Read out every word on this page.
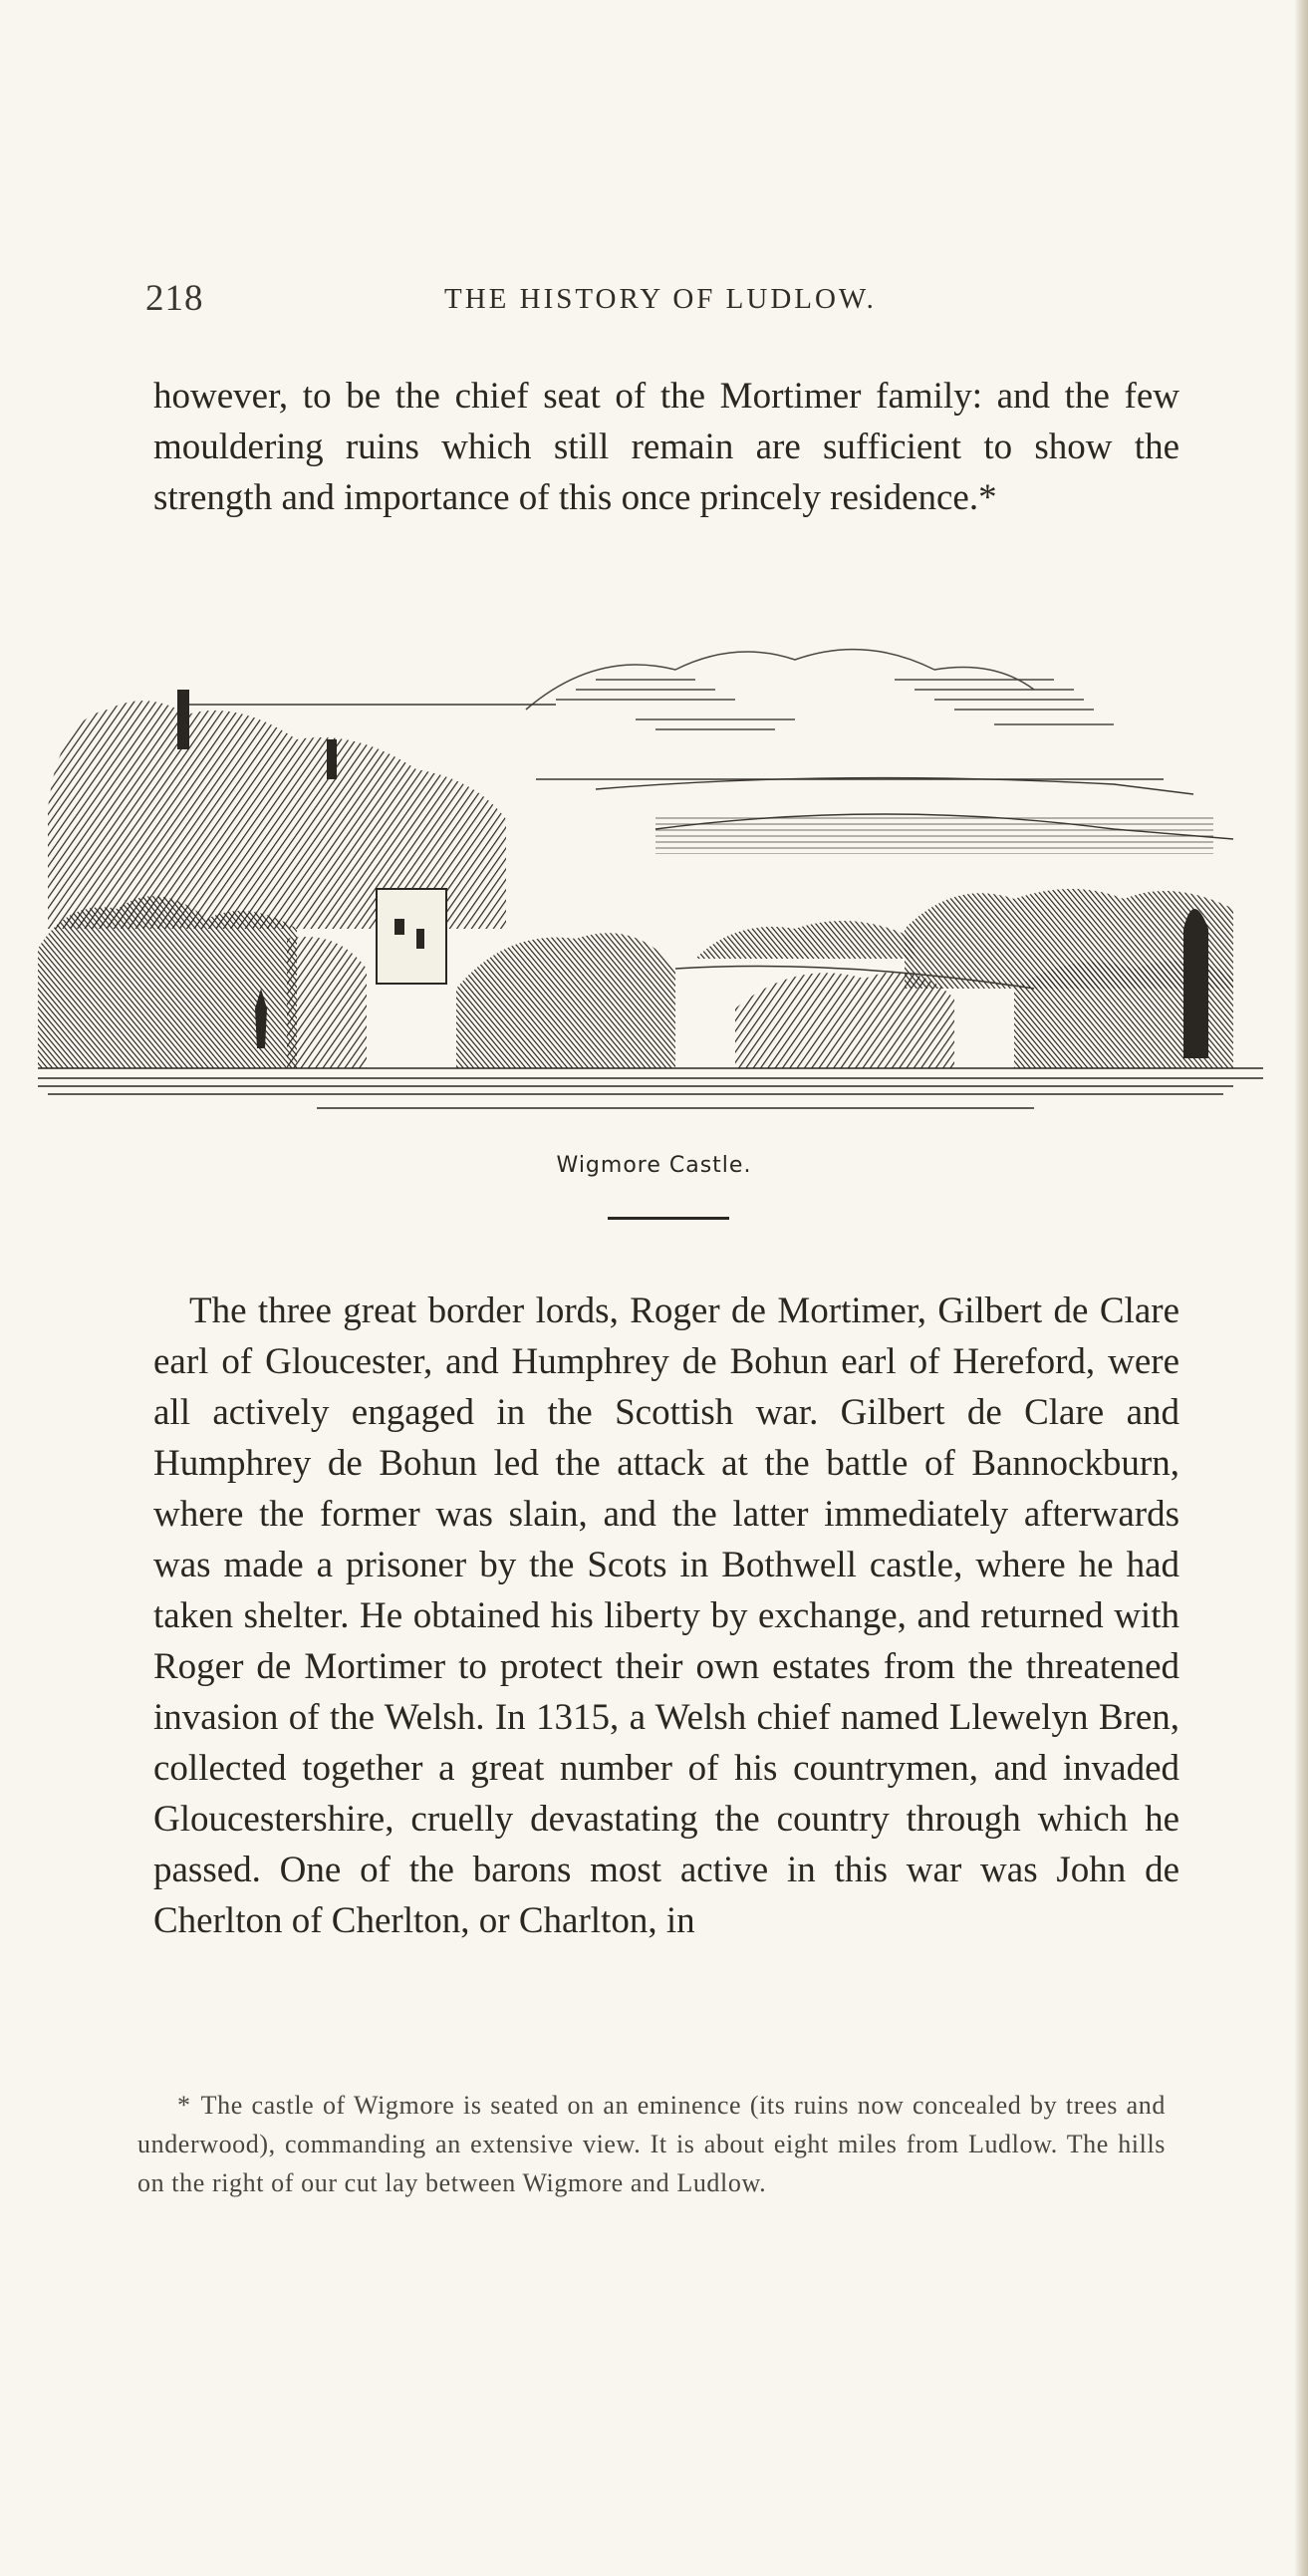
218	THE HISTORY OF LUDLOW.

however, to be the chief seat of the Mortimer family: and the few mouldering ruins which still remain are sufficient to show the strength and importance of this once princely residence.*

Wigmore Castle.

The three great border lords, Roger de Mortimer, Gilbert de Clare earl of Gloucester, and Humphrey de Bohun earl of Hereford, were all actively engaged in the Scottish war. Gilbert de Clare and Humphrey de Bohun led the attack at the battle of Bannockburn, where the former was slain, and the latter immediately afterwards was made a prisoner by the Scots in Bothwell castle, where he had taken shelter. He obtained his liberty by exchange, and returned with Roger de Mortimer to protect their own estates from the threatened invasion of the Welsh. In 1315, a Welsh chief named Llewelyn Bren, collected together a great number of his countrymen, and invaded Gloucestershire, cruelly devastating the country through which he passed. One of the barons most active in this war was John de Cherlton of Cherlton, or Charlton, in

* The castle of Wigmore is seated on an eminence (its ruins now concealed by trees and underwood), commanding an extensive view. It is about eight miles from Ludlow. The hills on the right of our cut lay between Wigmore and Ludlow.
